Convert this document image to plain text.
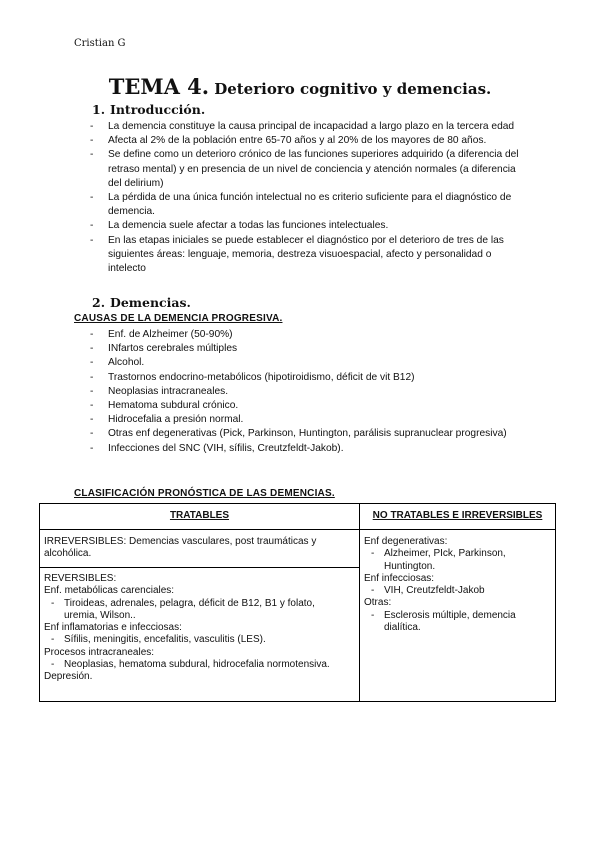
Cristian G
TEMA 4. Deterioro cognitivo y demencias.
1. Introducción.
- La demencia constituye la causa principal de incapacidad a largo plazo en la tercera edad
- Afecta al 2% de la población entre 65-70 años y al 20% de los mayores de 80 años.
- Se define como un deterioro crónico de las funciones superiores adquirido (a diferencia del retraso mental) y en presencia de un nivel de conciencia y atención normales (a diferencia del delirium)
- La pérdida de una única función intelectual no es criterio suficiente para el diagnóstico de demencia.
- La demencia suele afectar a todas las funciones intelectuales.
- En las etapas iniciales se puede establecer el diagnóstico por el deterioro de tres de las siguientes áreas: lenguaje, memoria, destreza visuoespacial, afecto y personalidad o intelecto
2. Demencias.
CAUSAS DE LA DEMENCIA PROGRESIVA.
- Enf. de Alzheimer (50-90%)
- INfartos cerebrales múltiples
- Alcohol.
- Trastornos endocrino-metabólicos (hipotiroidismo, déficit de vit B12)
- Neoplasias intracraneales.
- Hematoma subdural crónico.
- Hidrocefalia a presión normal.
- Otras enf degenerativas (Pick, Parkinson, Huntington, parálisis supranuclear progresiva)
- Infecciones del SNC (VIH, sífilis, Creutzfeldt-Jakob).
CLASIFICACIÓN PRONÓSTICA DE LAS DEMENCIAS.
TRATABLES	NO TRATABLES E IRREVERSIBLES
IRREVERSIBLES: Demencias vasculares, post traumáticas y alcohólica.
REVERSIBLES:
Enf. metabólicas carenciales:
- Tiroideas, adrenales, pelagra, déficit de B12, B1 y folato, uremia, Wilson..
Enf inflamatorias e infecciosas:
- Sífilis, meningitis, encefalitis, vasculitis (LES).
Procesos intracraneales:
- Neoplasias, hematoma subdural, hidrocefalia normotensiva.
Depresión.
Enf degenerativas:
- Alzheimer, PIck, Parkinson, Huntington.
Enf infecciosas:
- VIH, Creutzfeldt-Jakob
Otras:
- Esclerosis múltiple, demencia dialítica.
